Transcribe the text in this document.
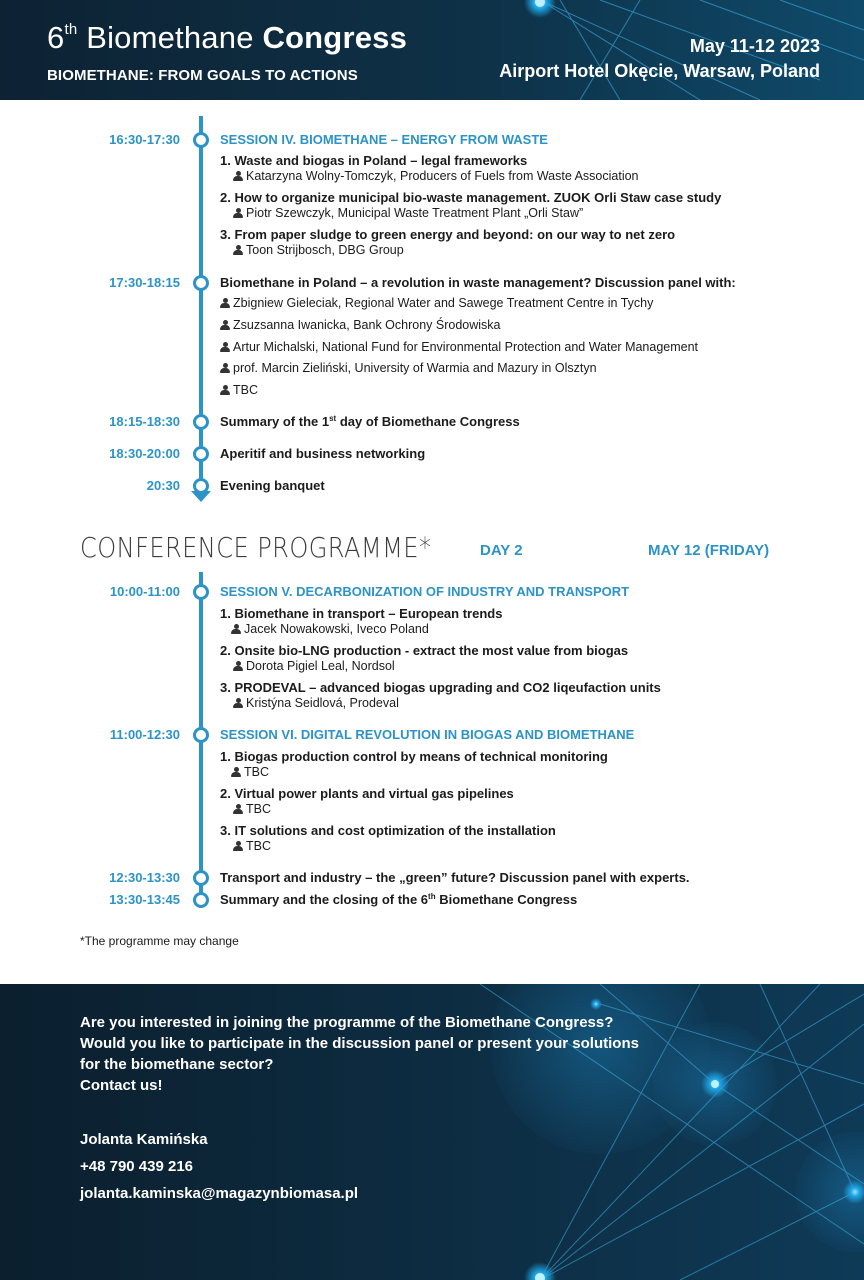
6th Biomethane Congress
BIOMETHANE: FROM GOALS TO ACTIONS
May 11-12 2023
Airport Hotel Okęcie, Warsaw, Poland
16:30-17:30	SESSION IV. BIOMETHANE – ENERGY FROM WASTE
1. Waste and biogas in Poland – legal frameworks
Katarzyna Wolny-Tomczyk, Producers of Fuels from Waste Association
2. How to organize municipal bio-waste management. ZUOK Orli Staw case study
Piotr Szewczyk, Municipal Waste Treatment Plant „Orli Staw”
3. From paper sludge to green energy and beyond: on our way to net zero
Toon Strijbosch, DBG Group
17:30-18:15	Biomethane in Poland – a revolution in waste management? Discussion panel with:
Zbigniew Gieleciak, Regional Water and Sawege Treatment Centre in Tychy
Zsuzsanna Iwanicka, Bank Ochrony Środowiska
Artur Michalski, National Fund for Environmental Protection and Water Management
prof. Marcin Zieliński, University of Warmia and Mazury in Olsztyn
TBC
18:15-18:30	Summary of the 1st day of Biomethane Congress
18:30-20:00	Aperitif and business networking
20:30	Evening banquet
CONFERENCE PROGRAMME*	DAY 2	MAY 12 (FRIDAY)
10:00-11:00	SESSION V. DECARBONIZATION OF INDUSTRY AND TRANSPORT
1. Biomethane in transport – European trends
Jacek Nowakowski, Iveco Poland
2. Onsite bio-LNG production - extract the most value from biogas
Dorota Pigiel Leal, Nordsol
3. PRODEVAL – advanced biogas upgrading and CO2 liqeufaction units
Kristýna Seidlová, Prodeval
11:00-12:30	SESSION VI. DIGITAL REVOLUTION IN BIOGAS AND BIOMETHANE
1. Biogas production control by means of technical monitoring
TBC
2. Virtual power plants and virtual gas pipelines
TBC
3. IT solutions and cost optimization of the installation
TBC
12:30-13:30	Transport and industry – the „green” future? Discussion panel with experts.
13:30-13:45	Summary and the closing of the 6th Biomethane Congress
*The programme may change
Are you interested in joining the programme of the Biomethane Congress?
Would you like to participate in the discussion panel or present your solutions
for the biomethane sector?
Contact us!
Jolanta Kamińska
+48 790 439 216
jolanta.kaminska@magazynbiomasa.pl
